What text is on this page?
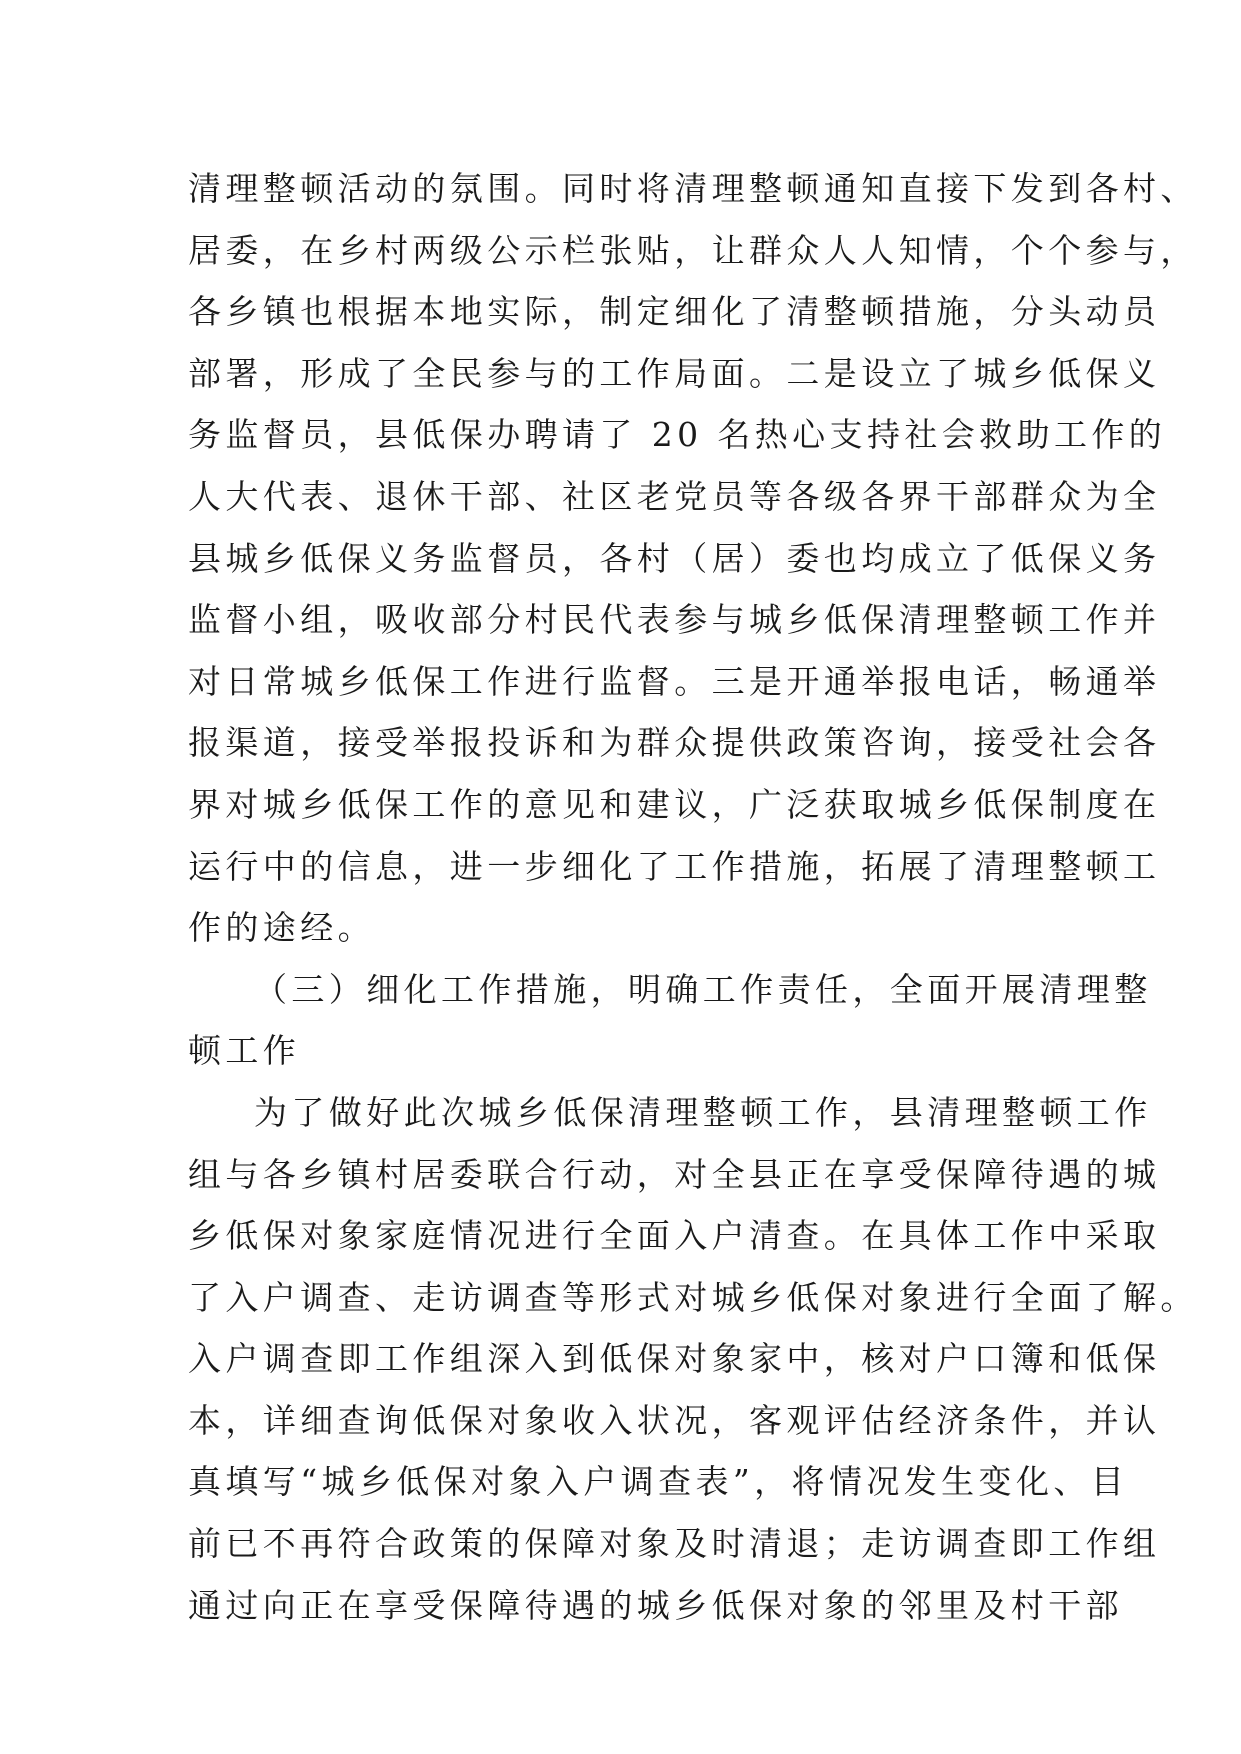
清理整顿活动的氛围。同时将清理整顿通知直接下发到各村、
居委，在乡村两级公示栏张贴，让群众人人知情，个个参与，
各乡镇也根据本地实际，制定细化了清整顿措施，分头动员
部署，形成了全民参与的工作局面。二是设立了城乡低保义
务监督员，县低保办聘请了 20 名热心支持社会救助工作的
人大代表、退休干部、社区老党员等各级各界干部群众为全
县城乡低保义务监督员，各村（居）委也均成立了低保义务
监督小组，吸收部分村民代表参与城乡低保清理整顿工作并
对日常城乡低保工作进行监督。三是开通举报电话，畅通举
报渠道，接受举报投诉和为群众提供政策咨询，接受社会各
界对城乡低保工作的意见和建议，广泛获取城乡低保制度在
运行中的信息，进一步细化了工作措施，拓展了清理整顿工
作的途经。
（三）细化工作措施，明确工作责任，全面开展清理整
顿工作
为了做好此次城乡低保清理整顿工作，县清理整顿工作
组与各乡镇村居委联合行动，对全县正在享受保障待遇的城
乡低保对象家庭情况进行全面入户清查。在具体工作中采取
了入户调查、走访调查等形式对城乡低保对象进行全面了解。
入户调查即工作组深入到低保对象家中，核对户口簿和低保
本，详细查询低保对象收入状况，客观评估经济条件，并认
真填写“城乡低保对象入户调查表”，将情况发生变化、目
前已不再符合政策的保障对象及时清退；走访调查即工作组
通过向正在享受保障待遇的城乡低保对象的邻里及村干部
